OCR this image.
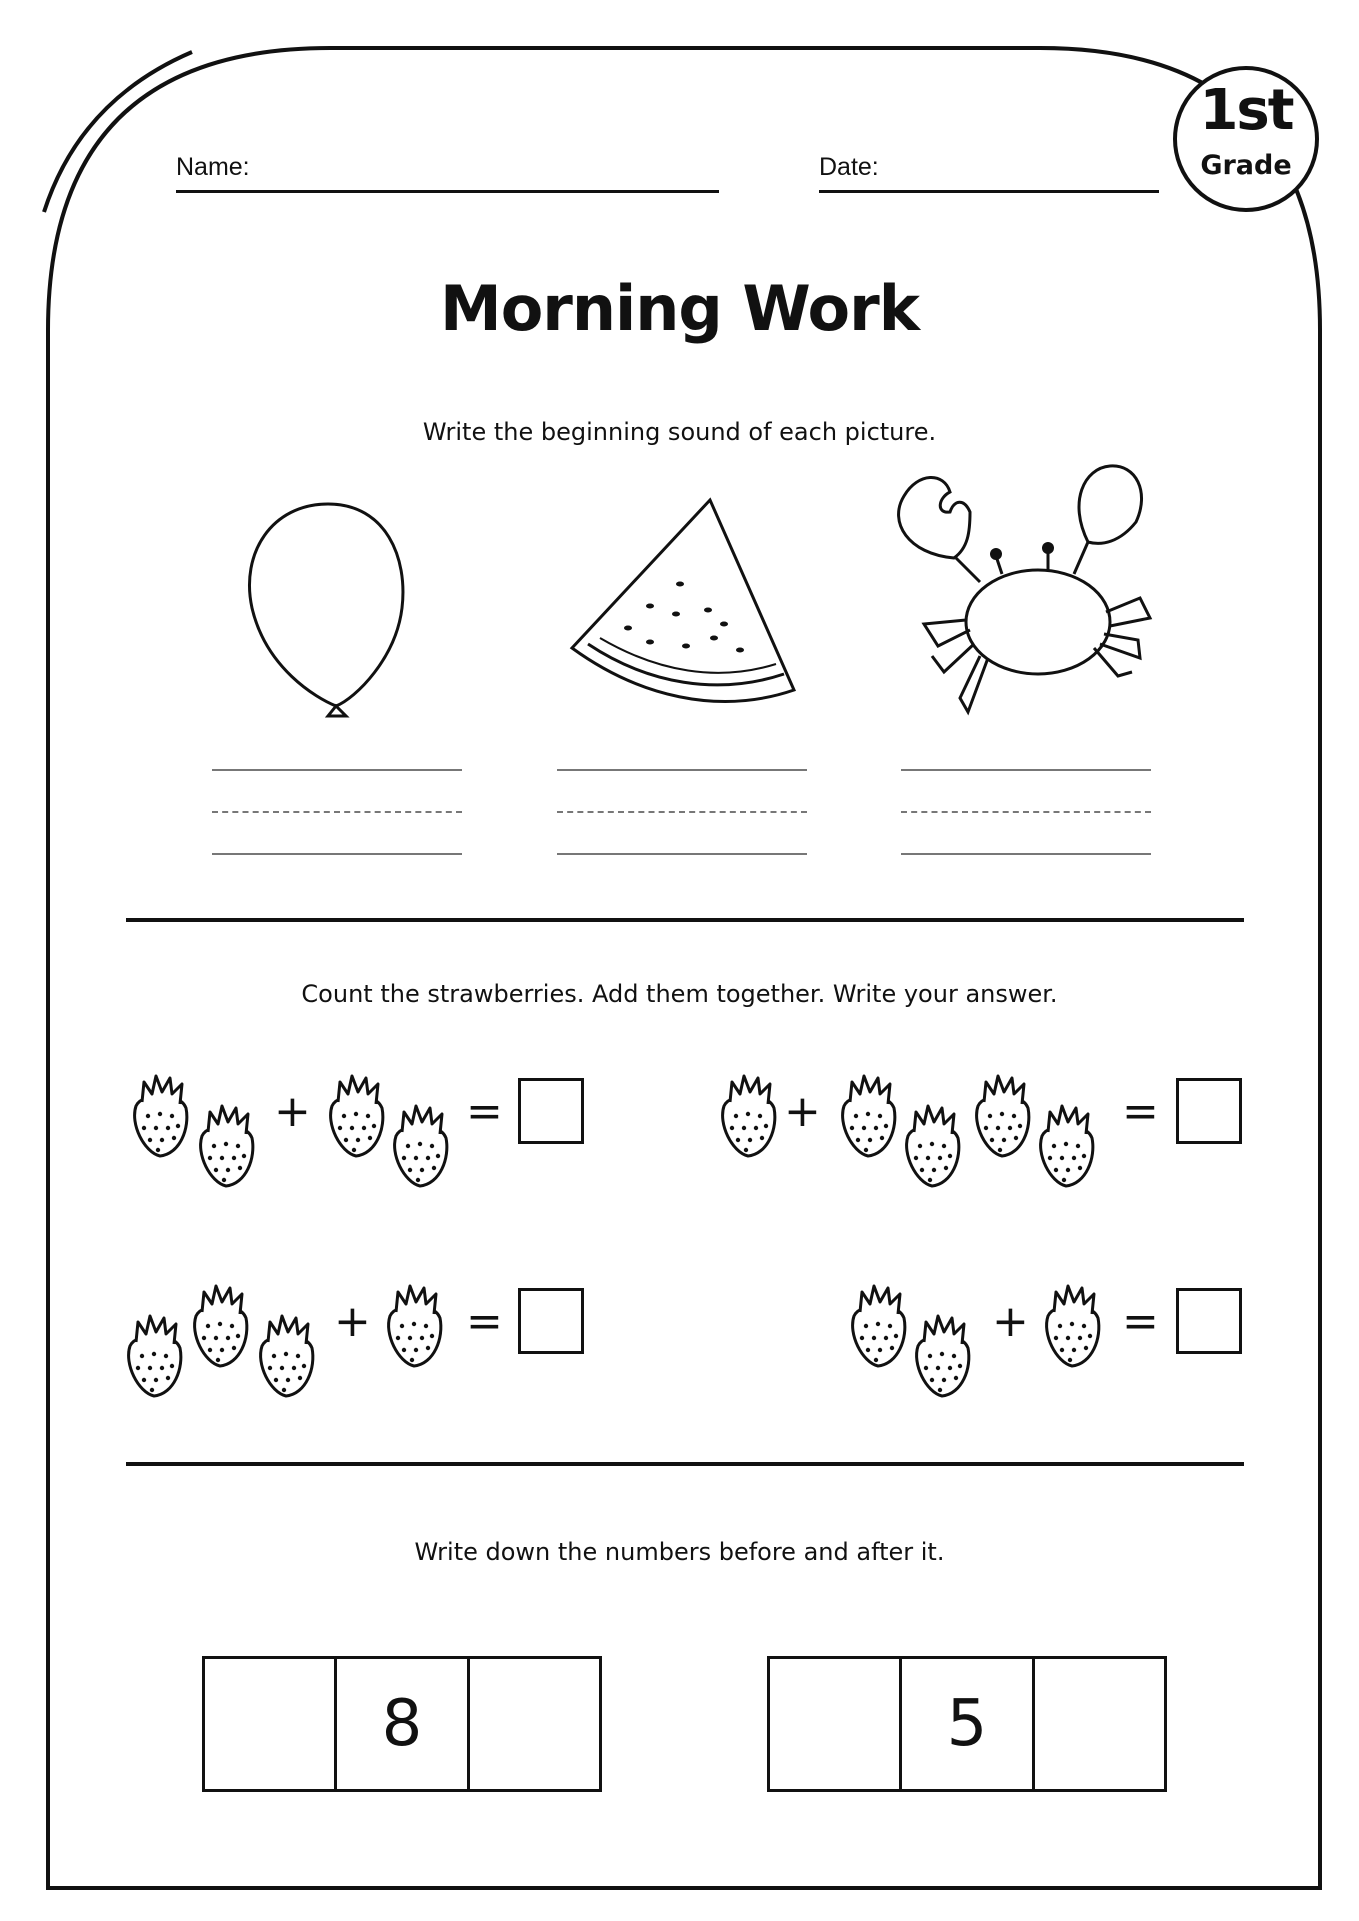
Name:	Date:
1st
Grade
Morning Work
Write the beginning sound of each picture.
Count the strawberries. Add them together. Write your answer.
+	=	+	=
+ =	+ =
Write down the numbers before and after it.
8	5
